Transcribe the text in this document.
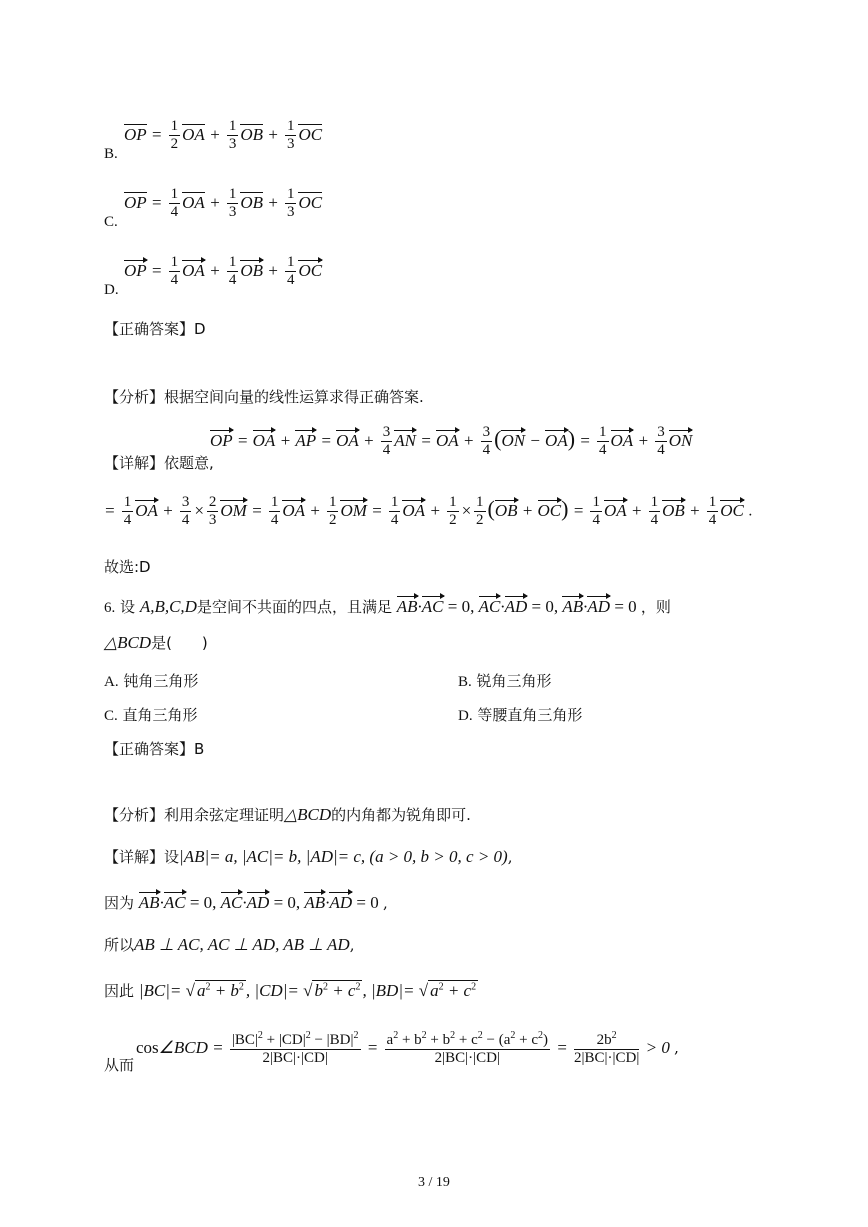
OP = $\frac{1}{2}$ OA + $\frac{1}{3}$ OB + $\frac{1}{3}$ OC
B.
OP = $\frac{1}{4}$ OA + $\frac{1}{3}$ OB + $\frac{1}{3}$ OC
C.
OP = $\frac{1}{4}$ OA + $\frac{1}{4}$ OB + $\frac{1}{4}$ OC
D.
【正确答案】D
【分析】根据空间向量的线性运算求得正确答案.
【详解】依题意,
OP = OA + AP = OA + $\frac{3}{4}$ AN = OA + $\frac{3}{4} (ON - OA) = \frac{1}{4}$ OA + $\frac{3}{4}$ ON
= $\frac{1}{4}$ OA + $\frac{3}{4} \times \frac{2}{3}$ OM = $\frac{1}{4}$ OA + $\frac{1}{2}$ OM = $\frac{1}{4}$ OA + $\frac{1}{2} \times \frac{1}{2} (OB + OC) = \frac{1}{4}$ OA + $\frac{1}{4}$ OB + $\frac{1}{4}$ OC .
故选:D
6. 设 A,B,C,D是空间不共面的四点，且满足 AB·AC = 0, AC·AD = 0, AB·AD = 0 ，则
△BCD是(　　)
A. 钝角三角形	B. 锐角三角形
C. 直角三角形	D. 等腰直角三角形
【正确答案】B
【分析】利用余弦定理证明△BCD的内角都为锐角即可.
【详解】设|AB|= a, |AC|= b, |AD|= c, (a > 0, b > 0, c > 0),
因为 AB·AC = 0, AC·AD = 0, AB·AD = 0 ,
所以AB ⊥ AC, AC ⊥ AD, AB ⊥ AD,
因此 |BC|= √ $a^2 + b^2$ , |CD|= √ $b^2 + c^2$ , |BD|= √ $a^2 + c^2$
从而
cos∠BCD = $\frac{|BC|^2 + |CD|^2 - |BD|^2}{2|BC|\cdot|CD|} = \frac{a^2 + b^2 + b^2 + c^2 - (a^2 + c^2)}{2|BC|\cdot|CD|} = \frac{2b^2}{2|BC|\cdot|CD|} > 0$ ,
3 / 19
